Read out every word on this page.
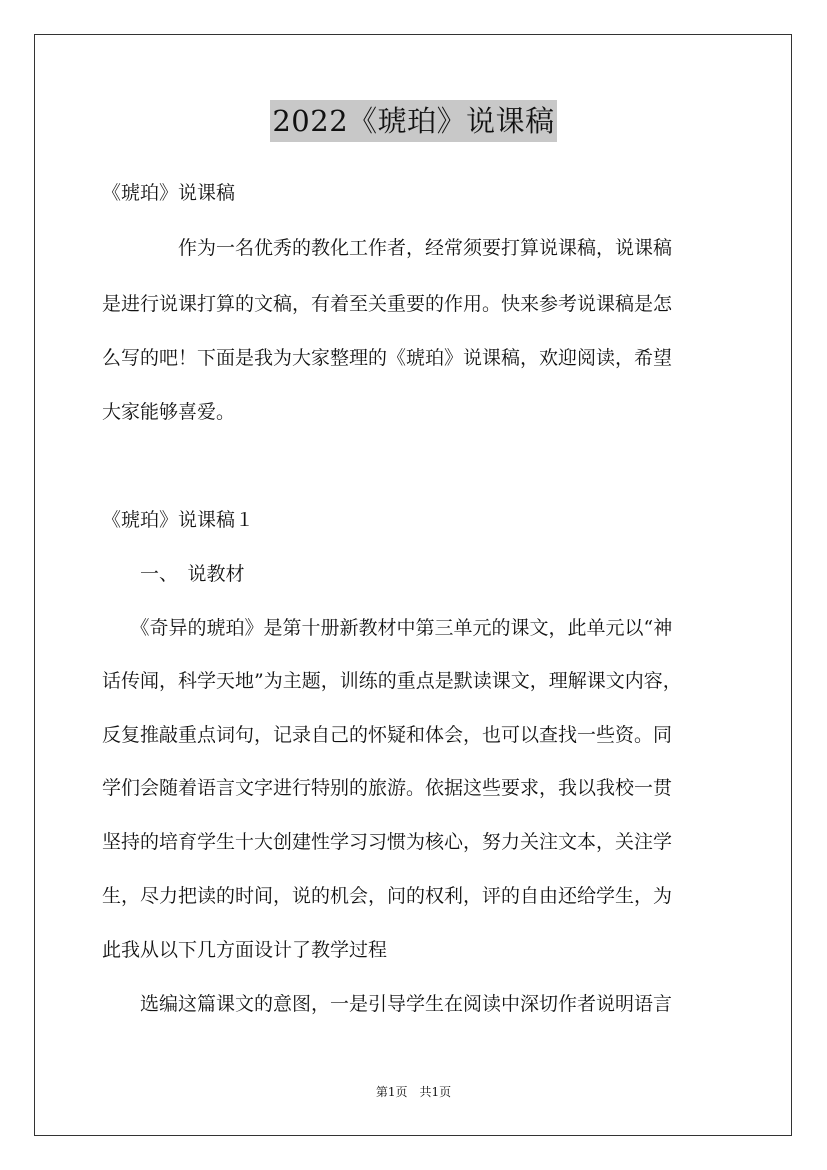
2022《琥珀》说课稿
《琥珀》说课稿
　　　　作为一名优秀的教化工作者，经常须要打算说课稿，说课稿
是进行说课打算的文稿，有着至关重要的作用。快来参考说课稿是怎
么写的吧！下面是我为大家整理的《琥珀》说课稿，欢迎阅读，希望
大家能够喜爱。
《琥珀》说课稿１
　　一、　说教材
　　《奇异的琥珀》是第十册新教材中第三单元的课文，此单元以“神
话传闻，科学天地”为主题，训练的重点是默读课文，理解课文内容，
反复推敲重点词句，记录自己的怀疑和体会，也可以查找一些资。同
学们会随着语言文字进行特别的旅游。依据这些要求，我以我校一贯
坚持的培育学生十大创建性学习习惯为核心，努力关注文本，关注学
生，尽力把读的时间，说的机会，问的权利，评的自由还给学生，为
此我从以下几方面设计了教学过程
　　选编这篇课文的意图，一是引导学生在阅读中深切作者说明语言
第1页　共1页
